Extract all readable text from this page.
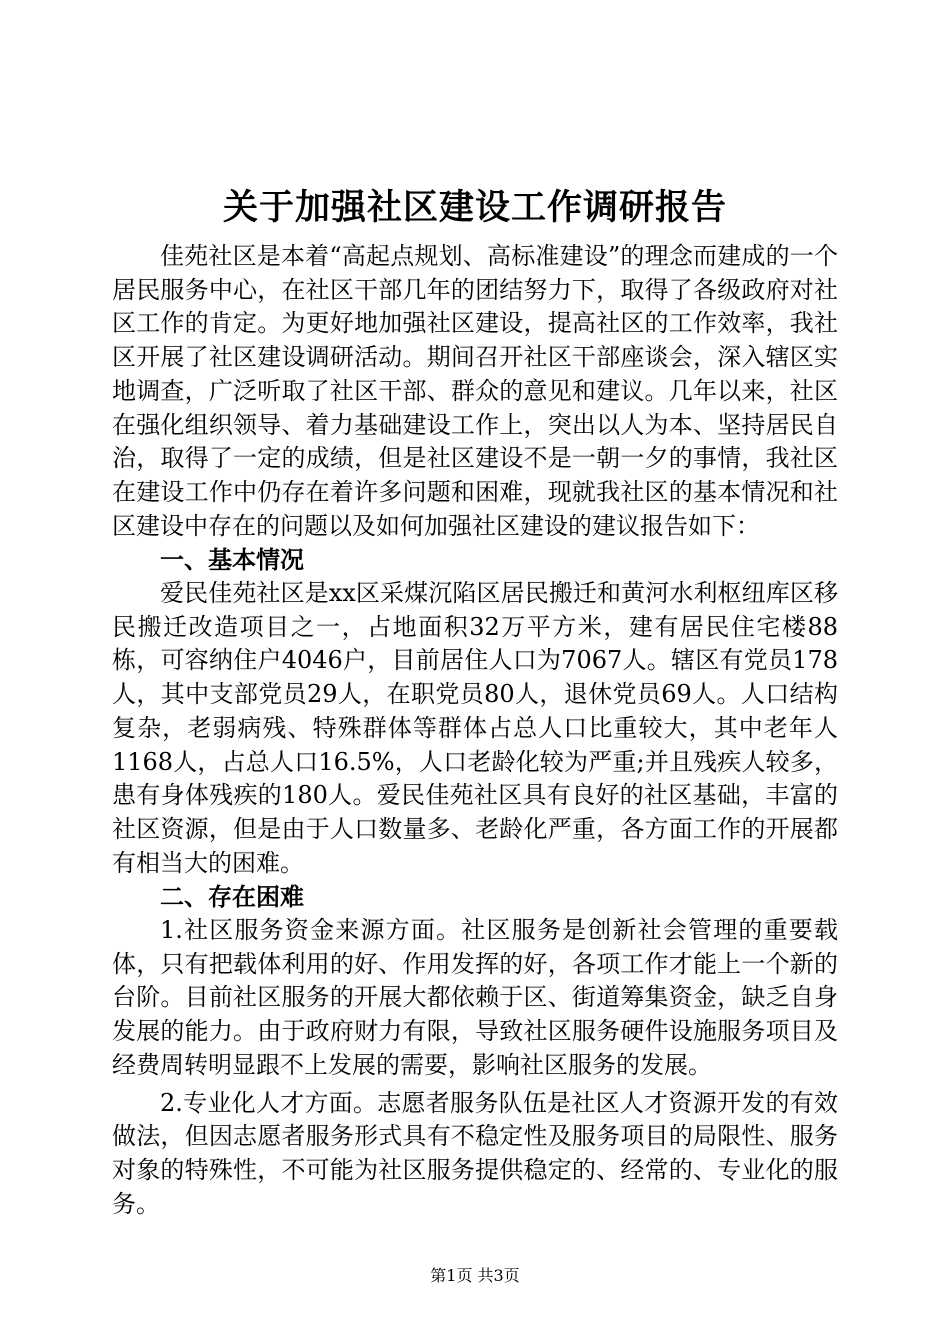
关于加强社区建设工作调研报告

佳苑社区是本着“高起点规划、高标准建设”的理念而建成的一个居民服务中心，在社区干部几年的团结努力下，取得了各级政府对社区工作的肯定。为更好地加强社区建设，提高社区的工作效率，我社区开展了社区建设调研活动。期间召开社区干部座谈会，深入辖区实地调查，广泛听取了社区干部、群众的意见和建议。几年以来，社区在强化组织领导、着力基础建设工作上，突出以人为本、坚持居民自治，取得了一定的成绩，但是社区建设不是一朝一夕的事情，我社区在建设工作中仍存在着许多问题和困难，现就我社区的基本情况和社区建设中存在的问题以及如何加强社区建设的建议报告如下：

一、基本情况

爱民佳苑社区是xx区采煤沉陷区居民搬迁和黄河水利枢纽库区移民搬迁改造项目之一，占地面积32万平方米，建有居民住宅楼88栋，可容纳住户4046户，目前居住人口为7067人。辖区有党员178人，其中支部党员29人，在职党员80人，退休党员69人。人口结构复杂，老弱病残、特殊群体等群体占总人口比重较大，其中老年人1168人，占总人口16.5%，人口老龄化较为严重;并且残疾人较多，患有身体残疾的180人。爱民佳苑社区具有良好的社区基础，丰富的社区资源，但是由于人口数量多、老龄化严重，各方面工作的开展都有相当大的困难。

二、存在困难

1.社区服务资金来源方面。社区服务是创新社会管理的重要载体，只有把载体利用的好、作用发挥的好，各项工作才能上一个新的台阶。目前社区服务的开展大都依赖于区、街道筹集资金，缺乏自身发展的能力。由于政府财力有限，导致社区服务硬件设施服务项目及经费周转明显跟不上发展的需要，影响社区服务的发展。

2.专业化人才方面。志愿者服务队伍是社区人才资源开发的有效做法，但因志愿者服务形式具有不稳定性及服务项目的局限性、服务对象的特殊性，不可能为社区服务提供稳定的、经常的、专业化的服务。

第1页 共3页
